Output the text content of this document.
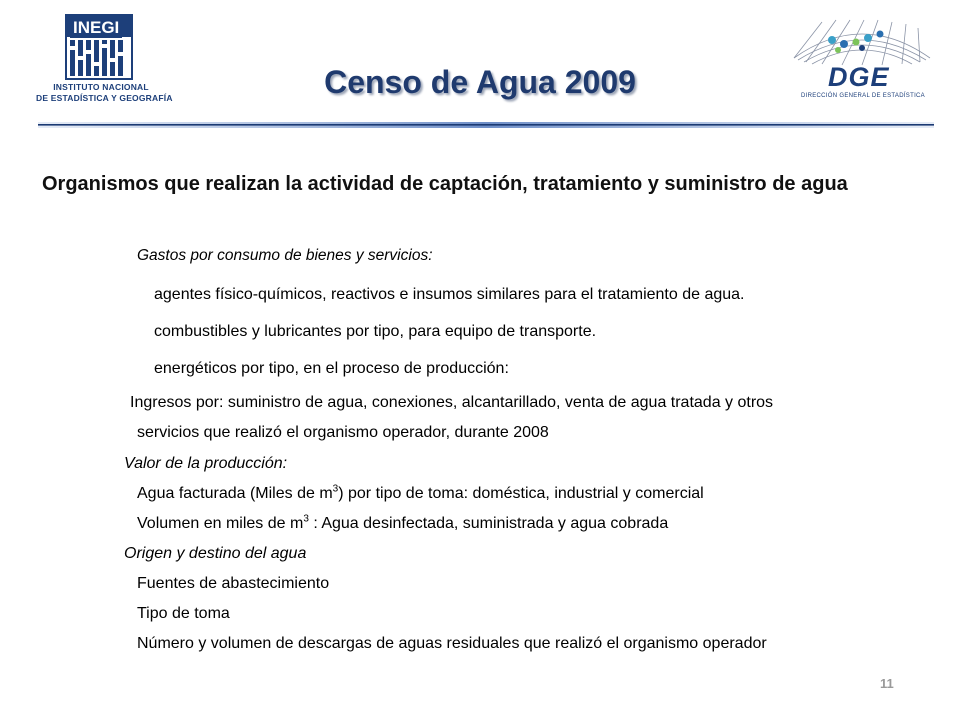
INEGI
INSTITUTO NACIONAL
DE ESTADÍSTICA Y GEOGRAFÍA
DGE
DIRECCIÓN GENERAL DE ESTADÍSTICA
Censo de Agua 2009
Organismos que realizan la actividad de captación, tratamiento y suministro de agua
Gastos por consumo de bienes y servicios:
agentes físico-químicos, reactivos e insumos similares para el tratamiento de agua.
combustibles y lubricantes por tipo, para equipo de transporte.
energéticos por tipo, en el proceso de producción:
Ingresos por: suministro de agua, conexiones, alcantarillado, venta de agua tratada y otros
servicios que realizó el organismo operador, durante 2008
Valor de la producción:
Agua facturada (Miles de $m^3$) por tipo de toma: doméstica, industrial y comercial
Volumen en miles de $m^3$ : Agua desinfectada, suministrada y agua cobrada
Origen y destino del agua
Fuentes de abastecimiento
Tipo de toma
Número y volumen de descargas de aguas residuales que realizó el organismo operador
11
